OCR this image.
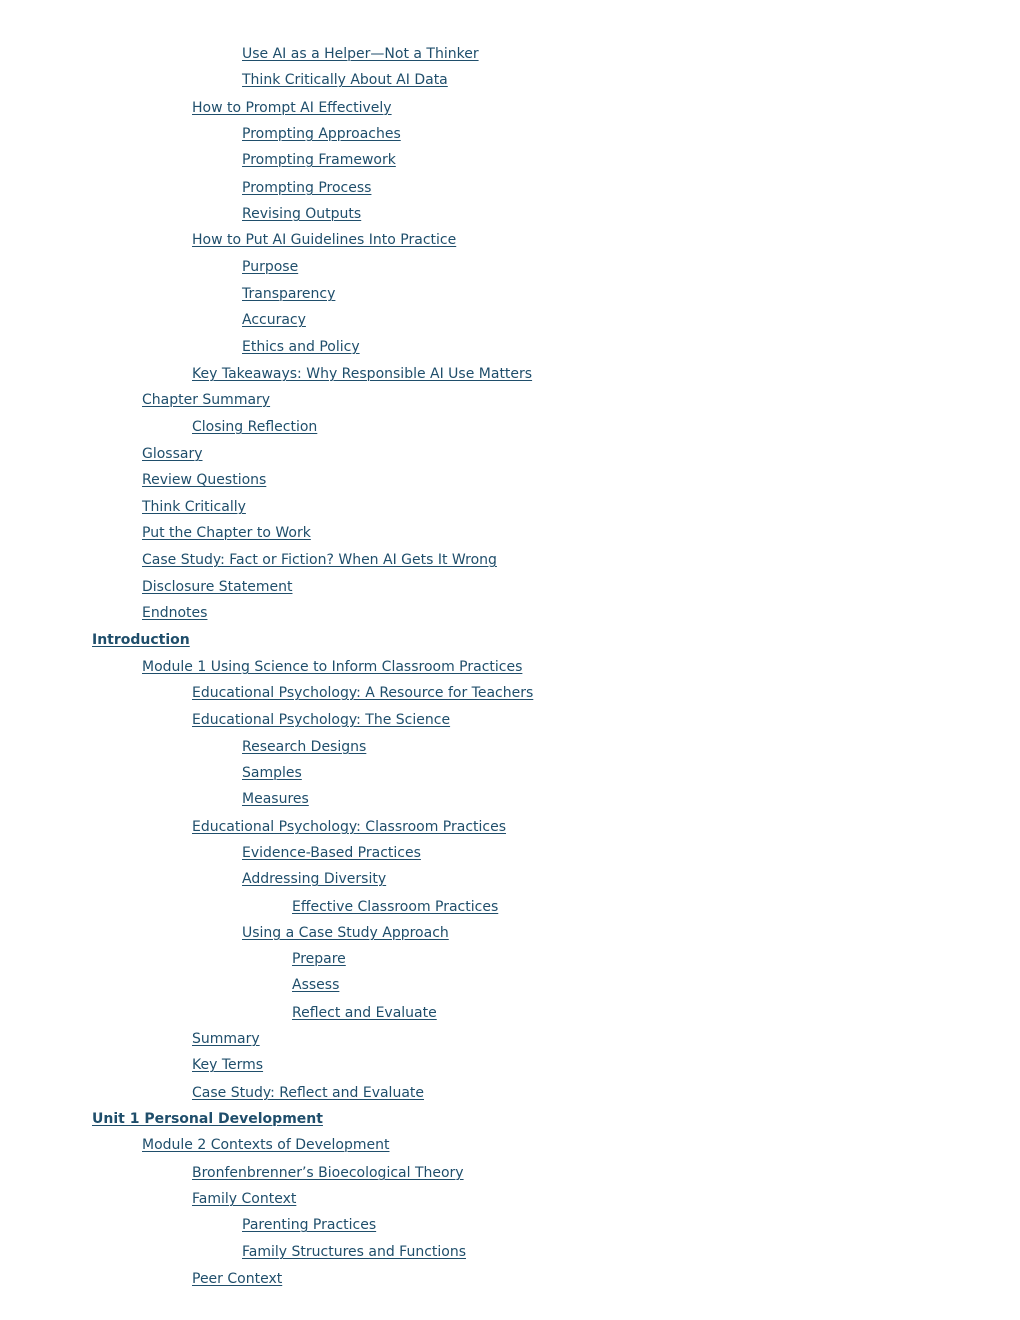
Use AI as a Helper—Not a Thinker
Think Critically About AI Data
How to Prompt AI Effectively
Prompting Approaches
Prompting Framework
Prompting Process
Revising Outputs
How to Put AI Guidelines Into Practice
Purpose
Transparency
Accuracy
Ethics and Policy
Key Takeaways: Why Responsible AI Use Matters
Chapter Summary
Closing Reflection
Glossary
Review Questions
Think Critically
Put the Chapter to Work
Case Study: Fact or Fiction? When AI Gets It Wrong
Disclosure Statement
Endnotes
Introduction
Module 1 Using Science to Inform Classroom Practices
Educational Psychology: A Resource for Teachers
Educational Psychology: The Science
Research Designs
Samples
Measures
Educational Psychology: Classroom Practices
Evidence-Based Practices
Addressing Diversity
Effective Classroom Practices
Using a Case Study Approach
Prepare
Assess
Reflect and Evaluate
Summary
Key Terms
Case Study: Reflect and Evaluate
Unit 1 Personal Development
Module 2 Contexts of Development
Bronfenbrenner’s Bioecological Theory
Family Context
Parenting Practices
Family Structures and Functions
Peer Context
